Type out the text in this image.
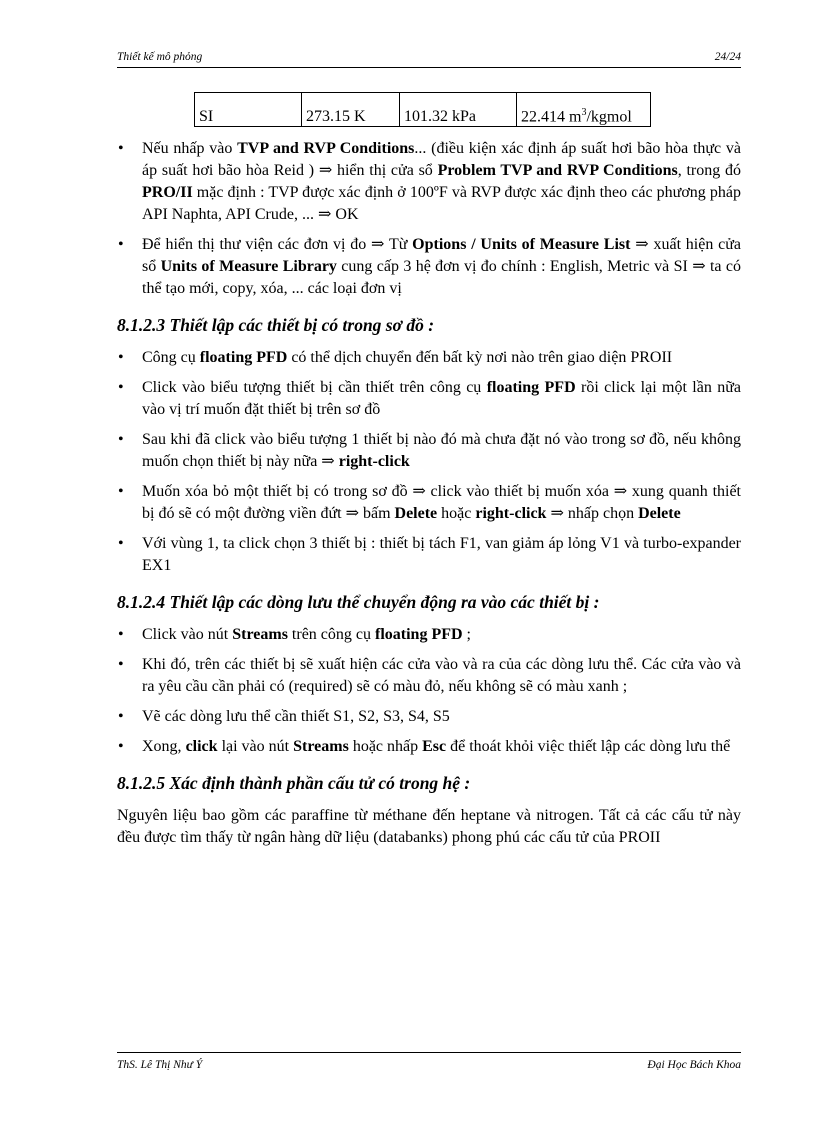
Thiết kế mô phỏng	24/24
SI	273.15 K	101.32 kPa	22.414 $m^3$/kgmol
• Nếu nhấp vào TVP and RVP Conditions... (điều kiện xác định áp suất hơi bão hòa thực và áp suất hơi bão hòa Reid ) ⇒ hiển thị cửa sổ Problem TVP and RVP Conditions, trong đó PRO/II mặc định : TVP được xác định ở 100ºF và RVP được xác định theo các phương pháp API Naphta, API Crude, ... ⇒ OK
• Để hiển thị thư viện các đơn vị đo ⇒ Từ Options / Units of Measure List ⇒ xuất hiện cửa sổ Units of Measure Library cung cấp 3 hệ đơn vị đo chính : English, Metric và SI ⇒ ta có thể tạo mới, copy, xóa, ... các loại đơn vị
8.1.2.3 Thiết lập các thiết bị có trong sơ đồ :
• Công cụ floating PFD có thể dịch chuyển đến bất kỳ nơi nào trên giao diện PROII
• Click vào biểu tượng thiết bị cần thiết trên công cụ floating PFD rồi click lại một lần nữa vào vị trí muốn đặt thiết bị trên sơ đồ
• Sau khi đã click vào biểu tượng 1 thiết bị nào đó mà chưa đặt nó vào trong sơ đồ, nếu không muốn chọn thiết bị này nữa ⇒ right-click
• Muốn xóa bỏ một thiết bị có trong sơ đồ ⇒ click vào thiết bị muốn xóa ⇒ xung quanh thiết bị đó sẽ có một đường viền đứt ⇒ bấm Delete hoặc right-click ⇒ nhấp chọn Delete
• Với vùng 1, ta click chọn 3 thiết bị : thiết bị tách F1, van giảm áp lỏng V1 và turbo-expander EX1
8.1.2.4 Thiết lập các dòng lưu thể chuyển động ra vào các thiết bị :
• Click vào nút Streams trên công cụ floating PFD ;
• Khi đó, trên các thiết bị sẽ xuất hiện các cửa vào và ra của các dòng lưu thể. Các cửa vào và ra yêu cầu cần phải có (required) sẽ có màu đỏ, nếu không sẽ có màu xanh ;
• Vẽ các dòng lưu thể cần thiết S1, S2, S3, S4, S5
• Xong, click lại vào nút Streams hoặc nhấp Esc để thoát khỏi việc thiết lập các dòng lưu thể
8.1.2.5 Xác định thành phần cấu tử có trong hệ :

Nguyên liệu bao gồm các paraffine từ méthane đến heptane và nitrogen. Tất cả các cấu tử này đều được tìm thấy từ ngân hàng dữ liệu (databanks) phong phú các cấu tử của PROII

ThS. Lê Thị Như Ý	Đại Học Bách Khoa
